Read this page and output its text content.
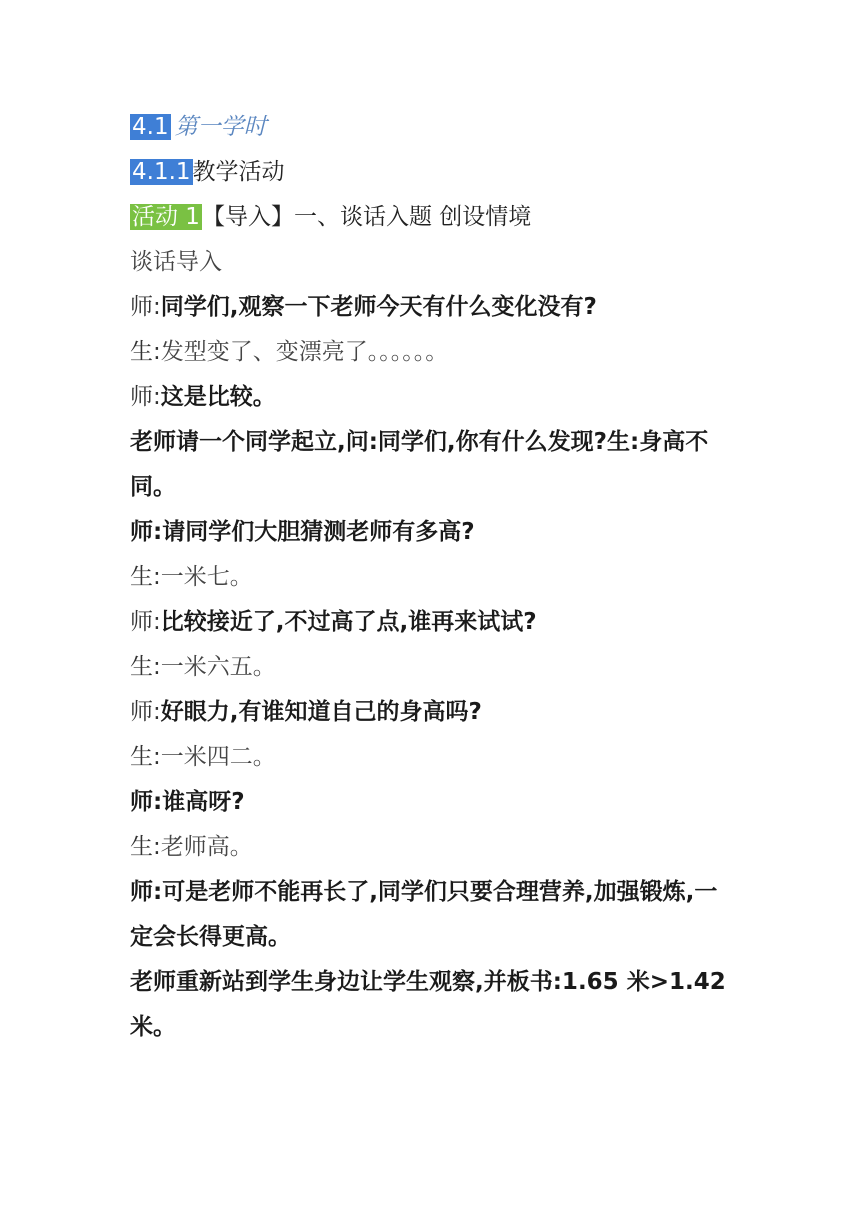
4.1 第一学时
4.1.1教学活动
活动 1【导入】一、谈话入题 创设情境
谈话导入
师:同学们,观察一下老师今天有什么变化没有?
生:发型变了、变漂亮了。。。。。。
师:这是比较。
老师请一个同学起立,问:同学们,你有什么发现?生:身高不同。
师:请同学们大胆猜测老师有多高?
生:一米七。
师:比较接近了,不过高了点,谁再来试试?
生:一米六五。
师:好眼力,有谁知道自己的身高吗?
生:一米四二。
师:谁高呀?
生:老师高。
师:可是老师不能再长了,同学们只要合理营养,加强锻炼,一定会长得更高。
老师重新站到学生身边让学生观察,并板书:1.65 米>1.42 米。
